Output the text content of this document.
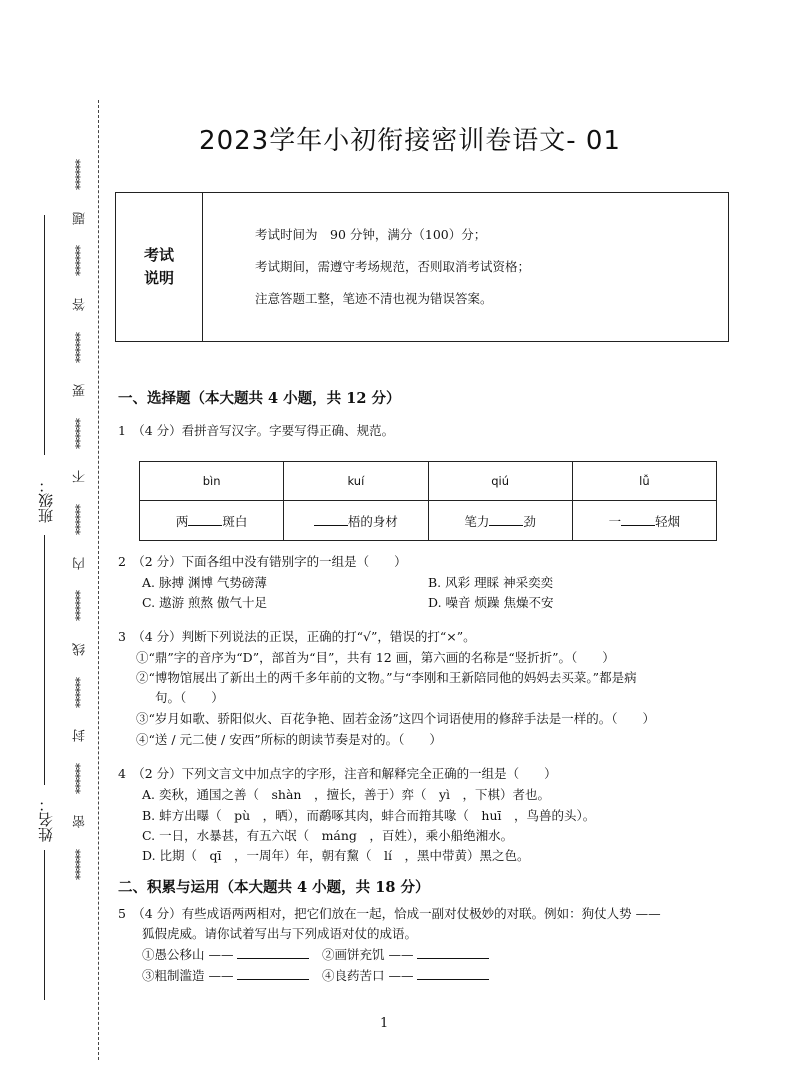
******
题
******
答
******
要
******
不
******
内
******
线
******
封
******
密
******
班级：
姓名：
2023学年小初衔接密训卷语文- 01
考试
说明
考试时间为　90 分钟，满分（100）分；
考试期间，需遵守考场规范，否则取消考试资格；
注意答题工整，笔迹不清也视为错误答案。
一、选择题（本大题共 4 小题，共 12 分）
1　（4 分）看拼音写汉字。字要写得正确、规范。
bìn	kuí	qiú	lǚ
两 斑白	梧的身材	笔力 劲	一 轻烟
2　（2 分）下面各组中没有错别字的一组是（　　）
A. 脉搏 渊博 气势磅薄	B. 风彩 理睬 神采奕奕
C. 遨游 煎熬 傲气十足	D. 噪音 烦躁 焦燥不安
3　（4 分）判断下列说法的正误，正确的打“√”，错误的打“×”。
①“鼎”字的音序为“D”，部首为“目”，共有 12 画，第六画的名称是“竖折折”。（　　）
②“博物馆展出了新出土的两千多年前的文物。”与“李刚和王新陪同他的妈妈去买菜。”都是病
句。（　　）
③“岁月如歌、骄阳似火、百花争艳、固若金汤”这四个词语使用的修辞手法是一样的。（　　）
④“送 / 元二使 / 安西”所标的朗读节奏是对的。（　　）
4　（2 分）下列文言文中加点字的字形，注音和解释完全正确的一组是（　　）
A. 奕秋，通国之善（　shàn　，擅长，善于）弈（　yì　，下棋）者也。
B. 蚌方出曝（　pù　，晒），而鹬啄其肉，蚌合而箝其喙（　huī　，鸟兽的头）。
C. 一日，水暴甚，有五六氓（　máng　，百姓），乘小船绝湘水。
D. 比期（　qī　，一周年）年，朝有黧（　lí　，黑中带黄）黑之色。
二、积累与运用（本大题共 4 小题，共 18 分）
5　（4 分）有些成语两两相对，把它们放在一起，恰成一副对仗极妙的对联。例如：狗仗人势 ——
狐假虎威。请你试着写出与下列成语对仗的成语。
①愚公移山 ——	②画饼充饥 ——
③粗制滥造 ——	④良药苦口 ——
1
